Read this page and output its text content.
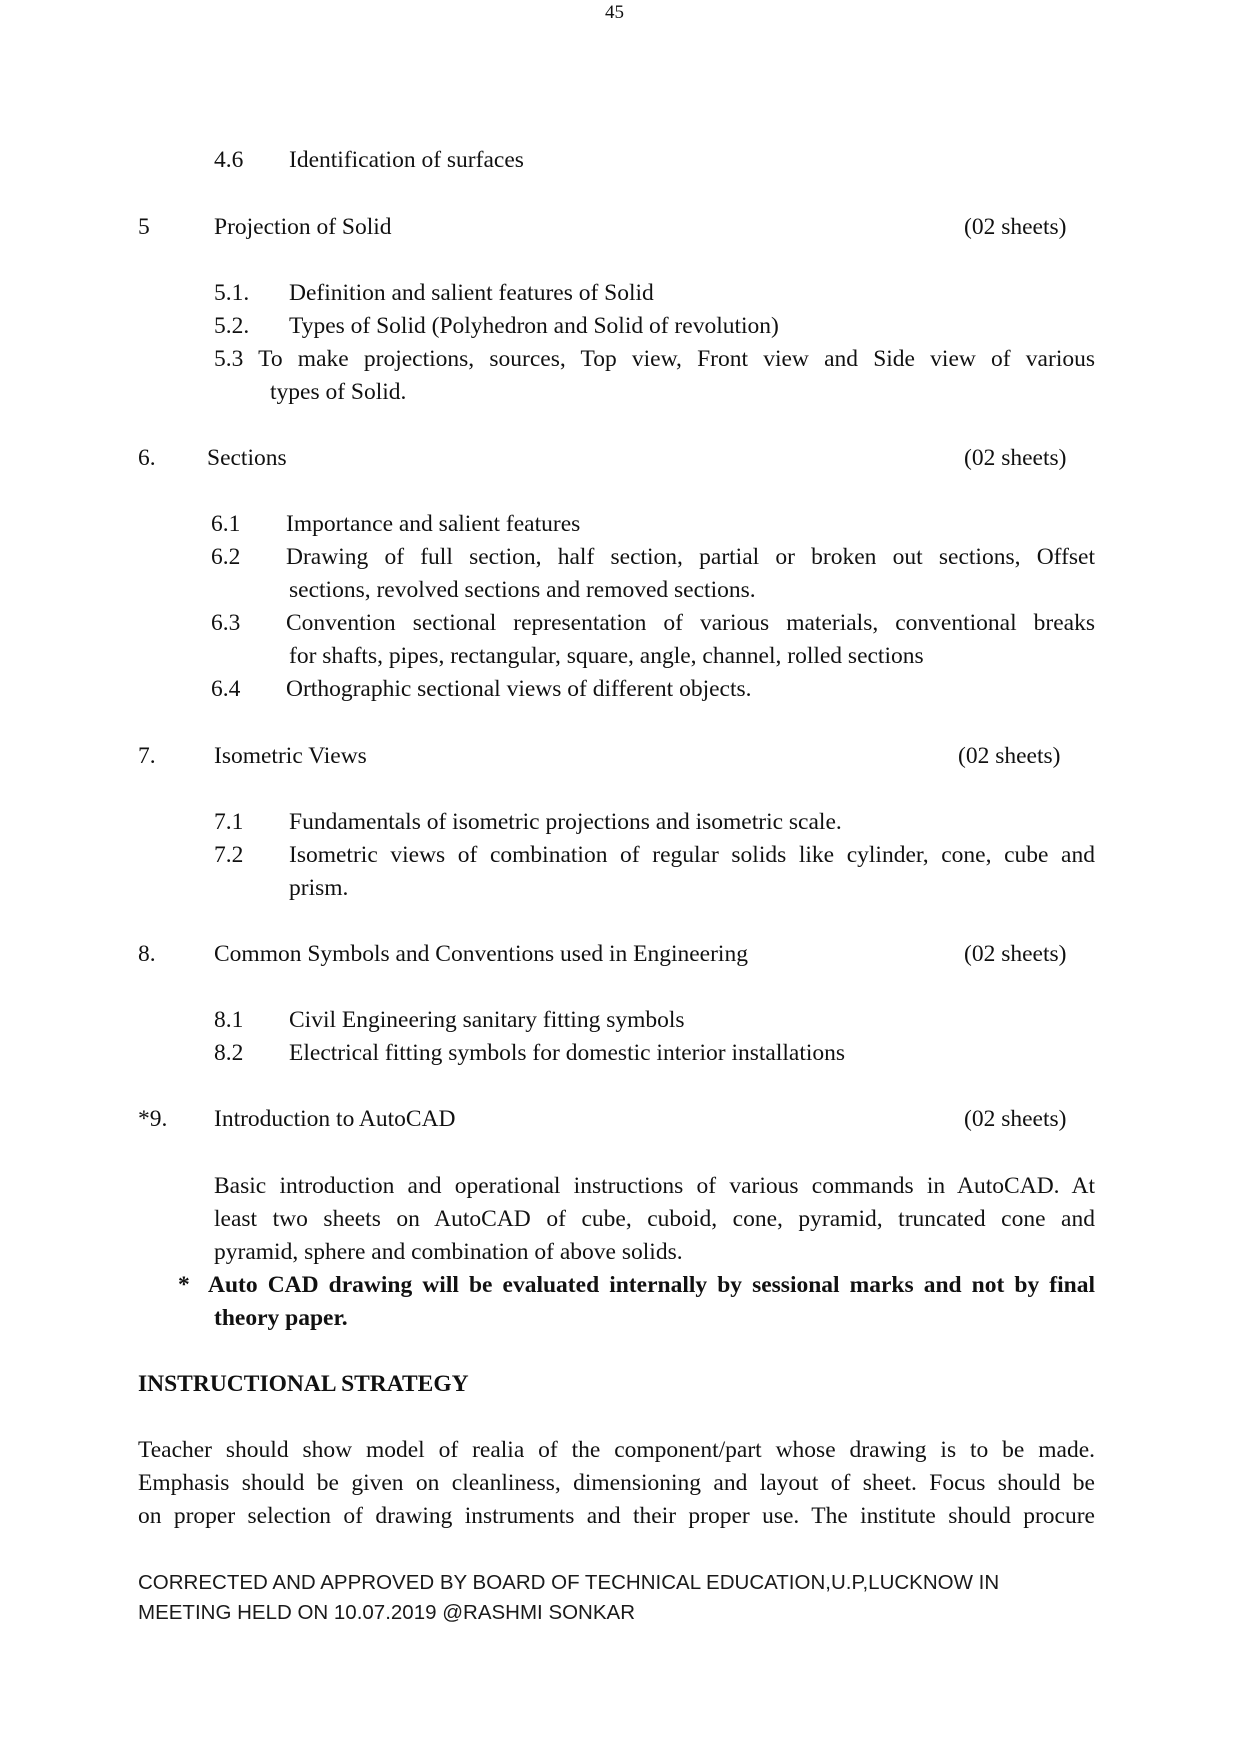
45
4.6 Identification of surfaces
5	Projection of Solid	(02 sheets)
5.1. Definition and salient features of Solid
5.2. Types of Solid (Polyhedron and Solid of revolution)
5.3 To make projections, sources, Top view, Front view and Side view of various
types of Solid.
6. Sections	(02 sheets)
6.1 Importance and salient features
6.2 Drawing of full section, half section, partial or broken out sections, Offset
sections, revolved sections and removed sections.
6.3 Convention sectional representation of various materials, conventional breaks
for shafts, pipes, rectangular, square, angle, channel, rolled sections
6.4 Orthographic sectional views of different objects.
7. Isometric Views	(02 sheets)
7.1 Fundamentals of isometric projections and isometric scale.
7.2 Isometric views of combination of regular solids like cylinder, cone, cube and
prism.
8. Common Symbols and Conventions used in Engineering	(02 sheets)
8.1 Civil Engineering sanitary fitting symbols
8.2 Electrical fitting symbols for domestic interior installations
*9. Introduction to AutoCAD	(02 sheets)
Basic introduction and operational instructions of various commands in AutoCAD. At
least two sheets on AutoCAD of cube, cuboid, cone, pyramid, truncated cone and
pyramid, sphere and combination of above solids.
* Auto CAD drawing will be evaluated internally by sessional marks and not by final
theory paper.
INSTRUCTIONAL STRATEGY
Teacher should show model of realia of the component/part whose drawing is to be made.
Emphasis should be given on cleanliness, dimensioning and layout of sheet. Focus should be
on proper selection of drawing instruments and their proper use. The institute should procure
CORRECTED AND APPROVED BY BOARD OF TECHNICAL EDUCATION,U.P,LUCKNOW IN
MEETING HELD ON 10.07.2019 @RASHMI SONKAR
